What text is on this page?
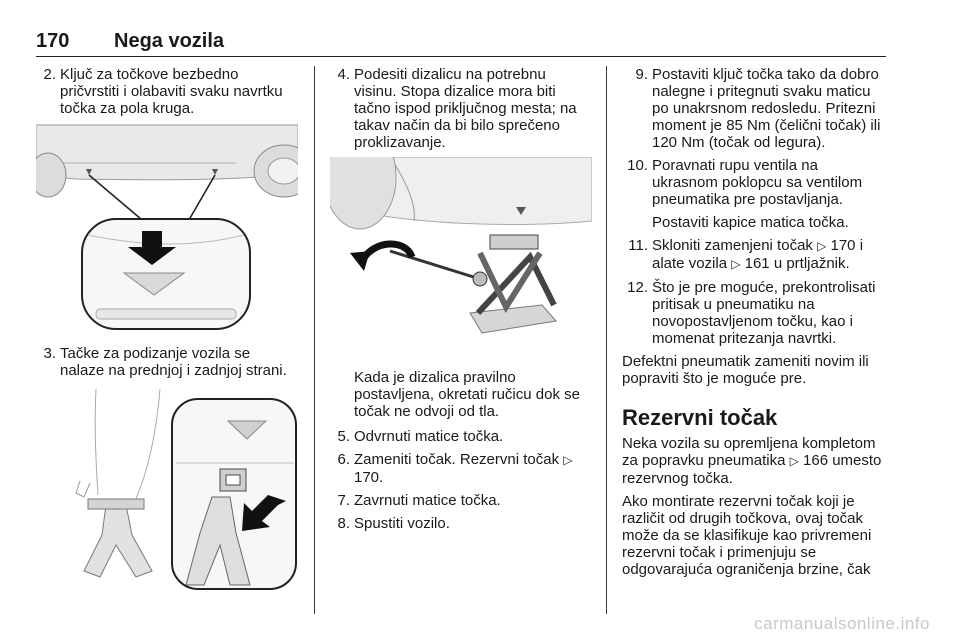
170 Nega vozila
2. Ključ za točkove bezbedno pričvrstiti i olabaviti svaku navrtku točka za pola kruga.
3. Tačke za podizanje vozila se nalaze na prednjoj i zadnjoj strani.
4. Podesiti dizalicu na potrebnu visinu. Stopa dizalice mora biti tačno ispod priključnog mesta; na takav način da bi bilo sprečeno proklizavanje.
Kada je dizalica pravilno postavljena, okretati ručicu dok se točak ne odvoji od tla.
5. Odvrnuti matice točka.
6. Zameniti točak. Rezervni točak ▷ 170.
7. Zavrnuti matice točka.
8. Spustiti vozilo.
9. Postaviti ključ točka tako da dobro nalegne i pritegnuti svaku maticu po unakrsnom redosledu. Pritezni moment je 85 Nm (čelični točak) ili 120 Nm (točak od legura).
10. Poravnati rupu ventila na ukrasnom poklopcu sa ventilom pneumatika pre postavljanja.
Postaviti kapice matica točka.
11. Skloniti zamenjeni točak ▷ 170 i alate vozila ▷ 161 u prtljažnik.
12. Što je pre moguće, prekontrolisati pritisak u pneumatiku na novopostavljenom točku, kao i momenat pritezanja navrtki.
Defektni pneumatik zameniti novim ili popraviti što je moguće pre.
Rezervni točak
Neka vozila su opremljena kompletom za popravku pneumatika ▷ 166 umesto rezervnog točka.
Ako montirate rezervni točak koji je različit od drugih točkova, ovaj točak može da se klasifikuje kao privremeni rezervni točak i primenjuju se odgovarajuća ograničenja brzine, čak
carmanualsonline.info
